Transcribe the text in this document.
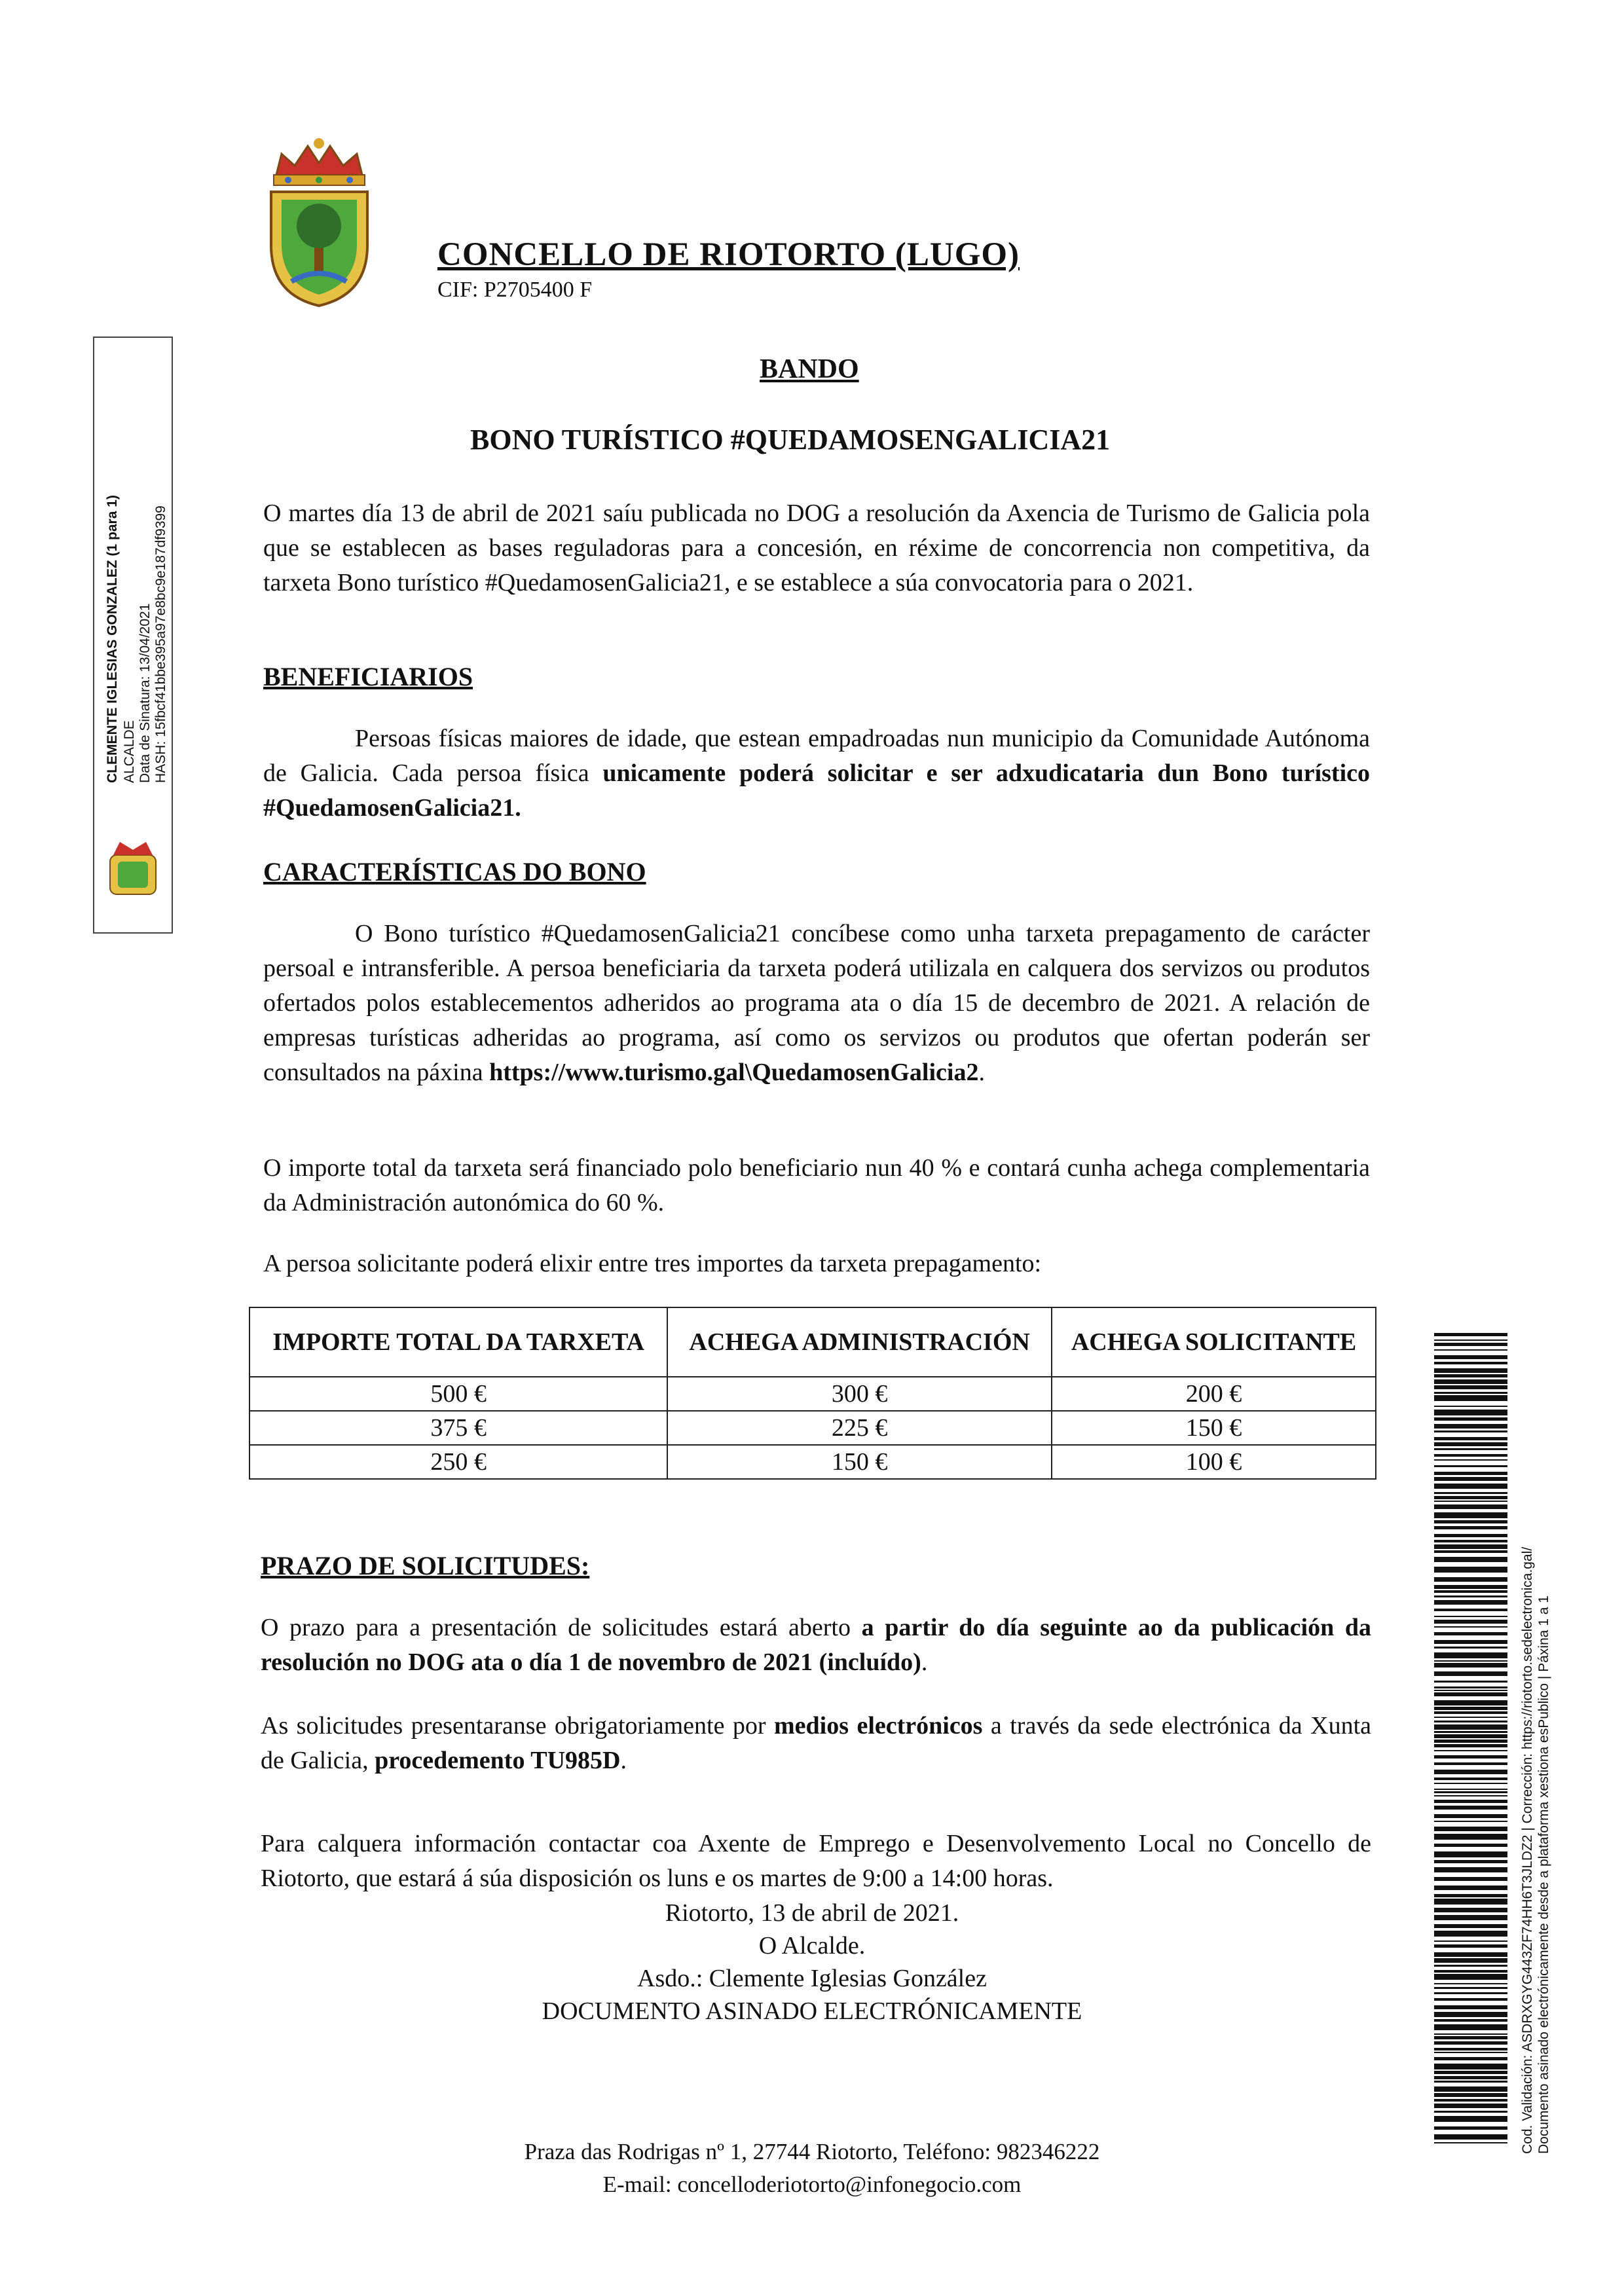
CONCELLO DE RIOTORTO (LUGO)
CIF: P2705400 F
BANDO
BONO TURÍSTICO #QUEDAMOSENGALICIA21
O martes día 13 de abril de 2021 saíu publicada no DOG a resolución da Axencia de Turismo de Galicia pola que se establecen as bases reguladoras para a concesión, en réxime de concorrencia non competitiva, da tarxeta Bono turístico #QuedamosenGalicia21, e se establece a súa convocatoria para o 2021.
BENEFICIARIOS
Persoas físicas maiores de idade, que estean empadroadas nun municipio da Comunidade Autónoma de Galicia. Cada persoa física unicamente poderá solicitar e ser adxudicataria dun Bono turístico #QuedamosenGalicia21.
CARACTERÍSTICAS DO BONO
O Bono turístico #QuedamosenGalicia21 concíbese como unha tarxeta prepagamento de carácter persoal e intransferible. A persoa beneficiaria da tarxeta poderá utilizala en calquera dos servizos ou produtos ofertados polos establecementos adheridos ao programa ata o día 15 de decembro de 2021. A relación de empresas turísticas adheridas ao programa, así como os servizos ou produtos que ofertan poderán ser consultados na páxina https://www.turismo.gal\QuedamosenGalicia2.
O importe total da tarxeta será financiado polo beneficiario nun 40 % e contará cunha achega complementaria da Administración autonómica do 60 %.
A persoa solicitante poderá elixir entre tres importes da tarxeta prepagamento:
IMPORTE TOTAL DA TARXETA	ACHEGA ADMINISTRACIÓN	ACHEGA SOLICITANTE
500 €	300 €	200 €
375 €	225 €	150 €
250 €	150 €	100 €
PRAZO DE SOLICITUDES:
O prazo para a presentación de solicitudes estará aberto a partir do día seguinte ao da publicación da resolución no DOG ata o día 1 de novembro de 2021 (incluído).
As solicitudes presentaranse obrigatoriamente por medios electrónicos a través da sede electrónica da Xunta de Galicia, procedemento TU985D.
Para calquera información contactar coa Axente de Emprego e Desenvolvemento Local no Concello de Riotorto, que estará á súa disposición os luns e os martes de 9:00 a 14:00 horas.
Riotorto, 13 de abril de 2021.
O Alcalde.
Asdo.: Clemente Iglesias González
DOCUMENTO ASINADO ELECTRÓNICAMENTE
Praza das Rodrigas nº 1, 27744 Riotorto, Teléfono: 982346222
E-mail: concelloderiotorto@infonegocio.com
CLEMENTE IGLESIAS GONZALEZ (1 para 1) ALCALDE Data de Sinatura: 13/04/2021 HASH: 15fbcf41bbe395a97e8bc9e187df9399
Cod. Validación: ASDRXGYG443ZF74HH6T3JLDZ2 | Corrección: https://riotorto.sedelectronica.gal/ Documento asinado electrónicamente desde a plataforma xestiona esPublico | Páxina 1 a 1
